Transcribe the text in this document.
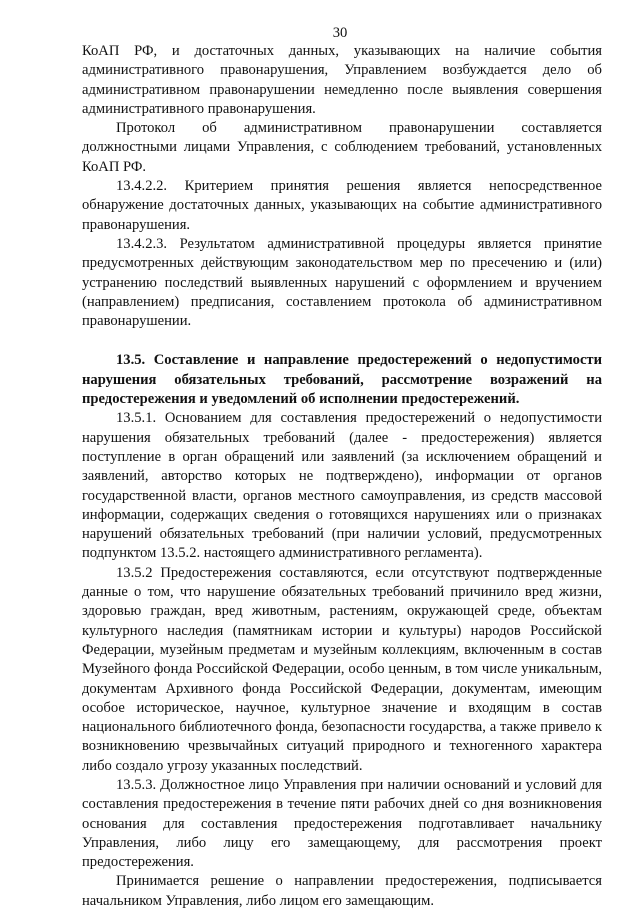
30

КоАП РФ, и достаточных данных, указывающих на наличие события административного правонарушения, Управлением возбуждается дело об административном правонарушении немедленно после выявления совершения административного правонарушения.

Протокол об административном правонарушении составляется должностными лицами Управления, с соблюдением требований, установленных КоАП РФ.

13.4.2.2. Критерием принятия решения является непосредственное обнаружение достаточных данных, указывающих на событие административного правонарушения.

13.4.2.3. Результатом административной процедуры является принятие предусмотренных действующим законодательством мер по пресечению и (или) устранению последствий выявленных нарушений с оформлением и вручением (направлением) предписания, составлением протокола об административном правонарушении.

13.5. Составление и направление предостережений о недопустимости нарушения обязательных требований, рассмотрение возражений на предостережения и уведомлений об исполнении предостережений.

13.5.1. Основанием для составления предостережений о недопустимости нарушения обязательных требований (далее - предостережения) является поступление в орган обращений или заявлений (за исключением обращений и заявлений, авторство которых не подтверждено), информации от органов государственной власти, органов местного самоуправления, из средств массовой информации, содержащих сведения о готовящихся нарушениях или о признаках нарушений обязательных требований (при наличии условий, предусмотренных подпунктом 13.5.2. настоящего административного регламента).

13.5.2 Предостережения составляются, если отсутствуют подтвержденные данные о том, что нарушение обязательных требований причинило вред жизни, здоровью граждан, вред животным, растениям, окружающей среде, объектам культурного наследия (памятникам истории и культуры) народов Российской Федерации, музейным предметам и музейным коллекциям, включенным в состав Музейного фонда Российской Федерации, особо ценным, в том числе уникальным, документам Архивного фонда Российской Федерации, документам, имеющим особое историческое, научное, культурное значение и входящим в состав национального библиотечного фонда, безопасности государства, а также привело к возникновению чрезвычайных ситуаций природного и техногенного характера либо создало угрозу указанных последствий.

13.5.3. Должностное лицо Управления при наличии оснований и условий для составления предостережения в течение пяти рабочих дней со дня возникновения основания для составления предостережения подготавливает начальнику Управления, либо лицу его замещающему, для рассмотрения проект предостережения.

Принимается решение о направлении предостережения, подписывается начальником Управления, либо лицом его замещающим.
